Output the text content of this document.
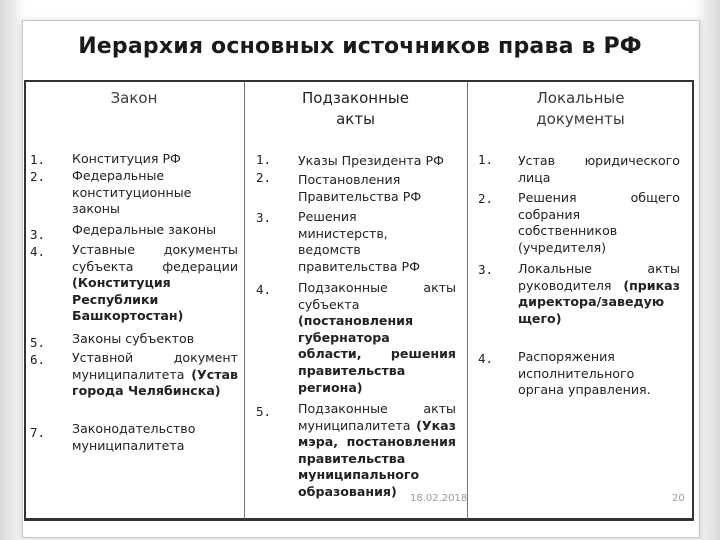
Иерархия основных источников права в РФ
Закон
1. Конституция РФ
2. Федеральные конституционные законы
3. Федеральные законы
4. Уставные документы субъекта федерации (Конституция Республики Башкортостан)
5. Законы субъектов
6. Уставной документ муниципалитета (Устав города Челябинска)
7. Законодательство муниципалитета
Подзаконные
акты
1. Указы Президента РФ
2. Постановления Правительства РФ
3. Решения министерств, ведомств правительства РФ
4. Подзаконные акты субъекта (постановления губернатора области, решения правительства региона)
5. Подзаконные акты муниципалитета (Указ мэра, постановления правительства муниципального образования)
Локальные
документы
1. Устав юридического лица
2. Решения общего собрания собственников (учредителя)
3. Локальные акты руководителя (приказ директора/заведую щего)
4. Распоряжения исполнительного органа управления.
18.02.2018	20
